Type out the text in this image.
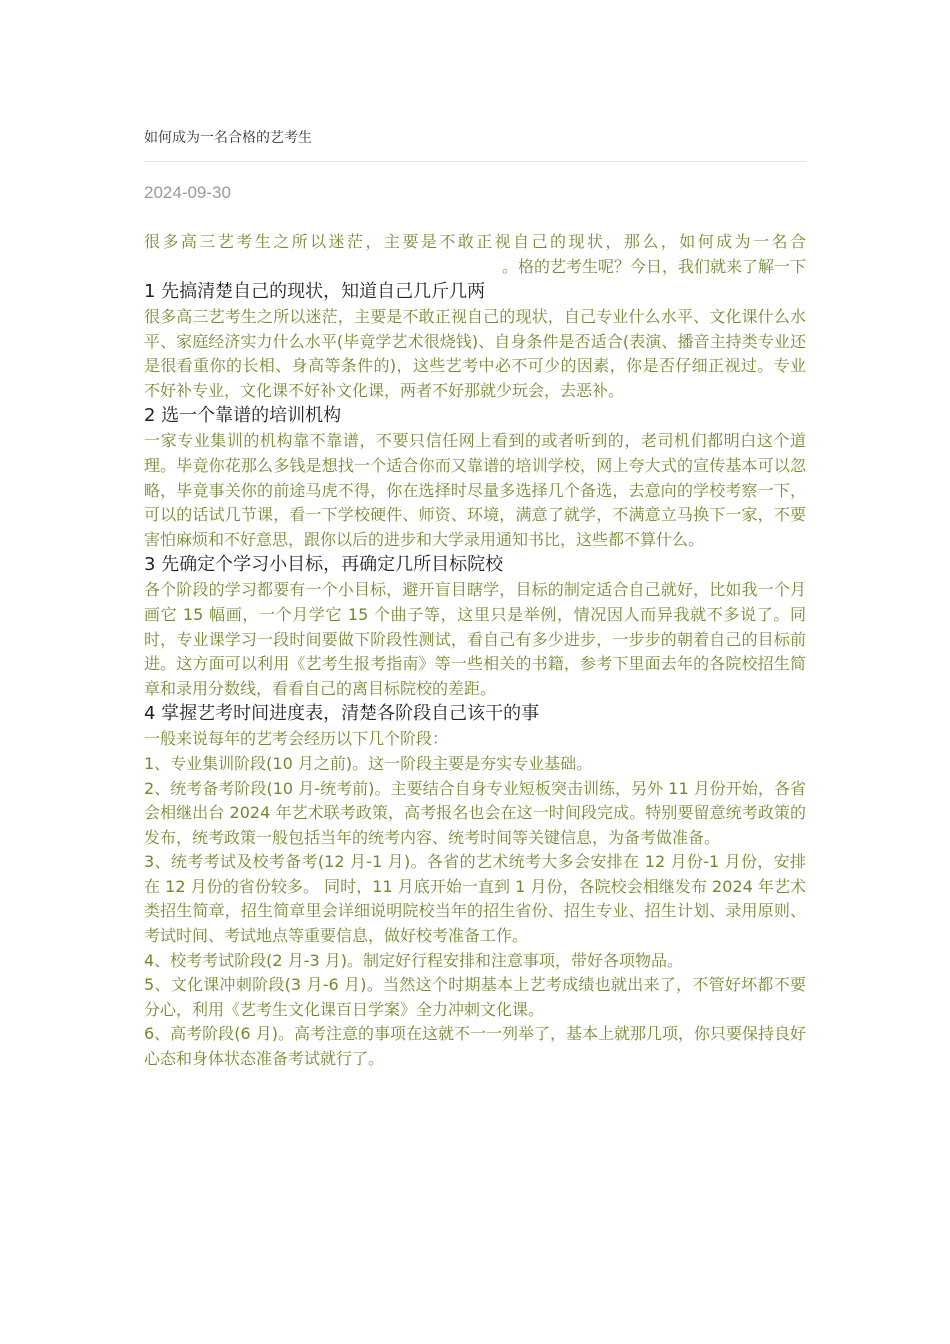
如何成为一名合格的艺考生
2024-09-30

很多高三艺考生之所以迷茫，主要是不敢正视自己的现状，那么，如何成为一名合
。格的艺考生呢？今日，我们就来了解一下

1 先搞清楚自己的现状，知道自己几斤几两

很多高三艺考生之所以迷茫，主要是不敢正视自己的现状，自己专业什么水平、文化课什么水平、家庭经济实力什么水平(毕竟学艺术很烧钱)、自身条件是否适合(表演、播音主持类专业还是很看重你的长相、身高等条件的)，这些艺考中必不可少的因素，你是否仔细正视过。专业不好补专业，文化课不好补文化课，两者不好那就少玩会，去恶补。

2 选一个靠谱的培训机构

一家专业集训的机构靠不靠谱，不要只信任网上看到的或者听到的，老司机们都明白这个道理。毕竟你花那么多钱是想找一个适合你而又靠谱的培训学校，网上夸大式的宣传基本可以忽略，毕竟事关你的前途马虎不得，你在选择时尽量多选择几个备选，去意向的学校考察一下，可以的话试几节课，看一下学校硬件、师资、环境，满意了就学，不满意立马换下一家，不要害怕麻烦和不好意思，跟你以后的进步和大学录用通知书比，这些都不算什么。

3 先确定个学习小目标，再确定几所目标院校

各个阶段的学习都要有一个小目标，避开盲目瞎学，目标的制定适合自己就好，比如我一个月画它 15 幅画，一个月学它 15 个曲子等，这里只是举例，情况因人而异我就不多说了。同时，专业课学习一段时间要做下阶段性测试，看自己有多少进步，一步步的朝着自己的目标前进。这方面可以利用《艺考生报考指南》等一些相关的书籍，参考下里面去年的各院校招生简章和录用分数线，看看自己的离目标院校的差距。

4 掌握艺考时间进度表，清楚各阶段自己该干的事

一般来说每年的艺考会经历以下几个阶段：

1、专业集训阶段(10 月之前)。这一阶段主要是夯实专业基础。

2、统考备考阶段(10 月-统考前)。主要结合自身专业短板突击训练，另外 11 月份开始，各省会相继出台 2024 年艺术联考政策，高考报名也会在这一时间段完成。特别要留意统考政策的发布，统考政策一般包括当年的统考内容、统考时间等关键信息，为备考做准备。

3、统考考试及校考备考(12 月-1 月)。各省的艺术统考大多会安排在 12 月份-1 月份，安排在 12 月份的省份较多。 同时，11 月底开始一直到 1 月份，各院校会相继发布 2024 年艺术类招生简章，招生简章里会详细说明院校当年的招生省份、招生专业、招生计划、录用原则、考试时间、考试地点等重要信息，做好校考准备工作。

4、校考考试阶段(2 月-3 月)。制定好行程安排和注意事项，带好各项物品。

5、文化课冲刺阶段(3 月-6 月)。当然这个时期基本上艺考成绩也就出来了，不管好坏都不要分心，利用《艺考生文化课百日学案》全力冲刺文化课。

6、高考阶段(6 月)。高考注意的事项在这就不一一列举了，基本上就那几项，你只要保持良好心态和身体状态准备考试就行了。
